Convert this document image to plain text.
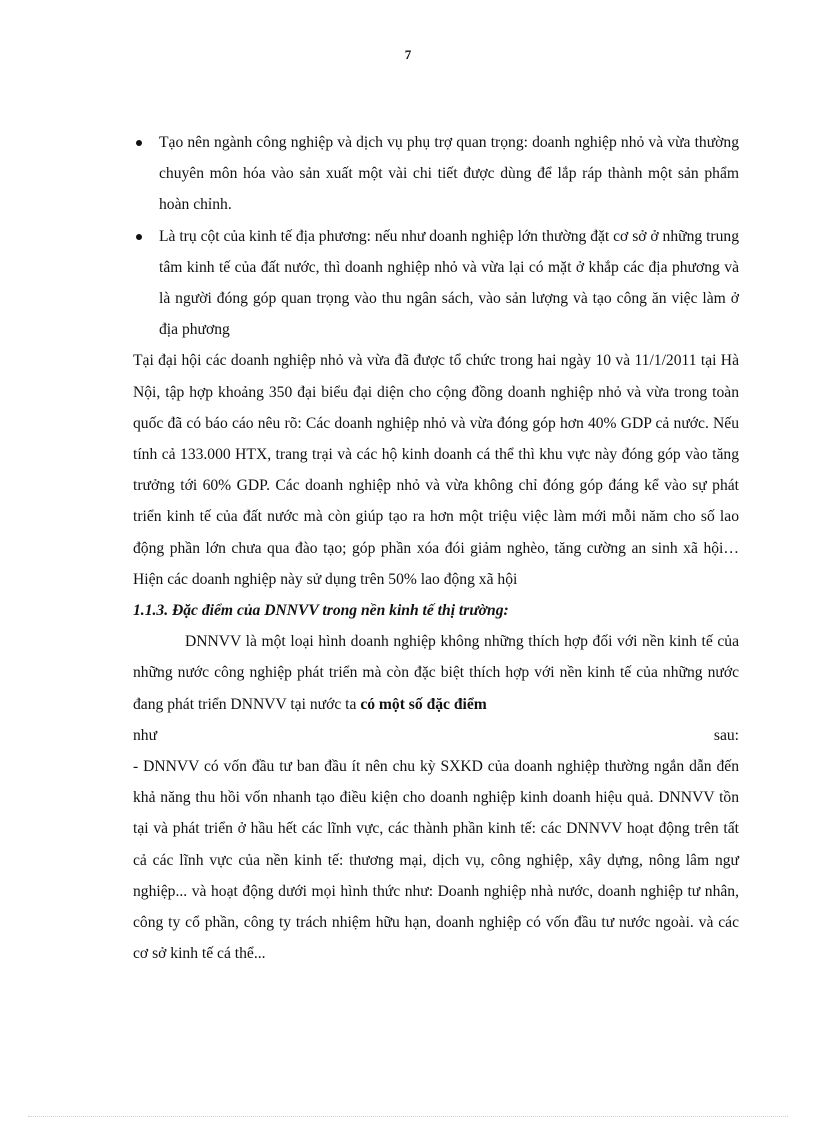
7
Tạo nên ngành công nghiệp và dịch vụ phụ trợ quan trọng: doanh nghiệp nhỏ và vừa thường chuyên môn hóa vào sản xuất một vài chi tiết được dùng để lắp ráp thành một sản phẩm hoàn chỉnh.
Là trụ cột của kinh tế địa phương: nếu như doanh nghiệp lớn thường đặt cơ sở ở những trung tâm kinh tế của đất nước, thì doanh nghiệp nhỏ và vừa lại có mặt ở khắp các địa phương và là người đóng góp quan trọng vào thu ngân sách, vào sản lượng và tạo công ăn việc làm ở địa phương

Tại đại hội các doanh nghiệp nhỏ và vừa đã được tổ chức trong hai ngày 10 và 11/1/2011 tại Hà Nội, tập hợp khoảng 350 đại biểu đại diện cho cộng đồng doanh nghiệp nhỏ và vừa trong toàn quốc đã có báo cáo nêu rõ: Các doanh nghiệp nhỏ và vừa đóng góp hơn 40% GDP cả nước. Nếu tính cả 133.000 HTX, trang trại và các hộ kinh doanh cá thể thì khu vực này đóng góp vào tăng trưởng tới 60% GDP. Các doanh nghiệp nhỏ và vừa không chỉ đóng góp đáng kể vào sự phát triển kinh tế của đất nước mà còn giúp tạo ra hơn một triệu việc làm mới mỗi năm cho số lao động phần lớn chưa qua đào tạo; góp phần xóa đói giảm nghèo, tăng cường an sinh xã hội… Hiện các doanh nghiệp này sử dụng trên 50% lao động xã hội

1.1.3. Đặc điểm của DNNVV trong nền kinh tế thị trường:

DNNVV là một loại hình doanh nghiệp không những thích hợp đối với nền kinh tế của những nước công nghiệp phát triển mà còn đặc biệt thích hợp với nền kinh tế của những nước đang phát triển DNNVV tại nước ta có một số đặc điểm

như	sau:

- DNNVV có vốn đầu tư ban đầu ít nên chu kỳ SXKD của doanh nghiệp thường ngắn dẫn đến khả năng thu hồi vốn nhanh tạo điều kiện cho doanh nghiệp kinh doanh hiệu quả. DNNVV tồn tại và phát triển ở hầu hết các lĩnh vực, các thành phần kinh tế: các DNNVV hoạt động trên tất cả các lĩnh vực của nền kinh tế: thương mại, dịch vụ, công nghiệp, xây dựng, nông lâm ngư nghiệp... và hoạt động dưới mọi hình thức như: Doanh nghiệp nhà nước, doanh nghiệp tư nhân, công ty cổ phần, công ty trách nhiệm hữu hạn, doanh nghiệp có vốn đầu tư nước ngoài. và các cơ sở kinh tế cá thể...
